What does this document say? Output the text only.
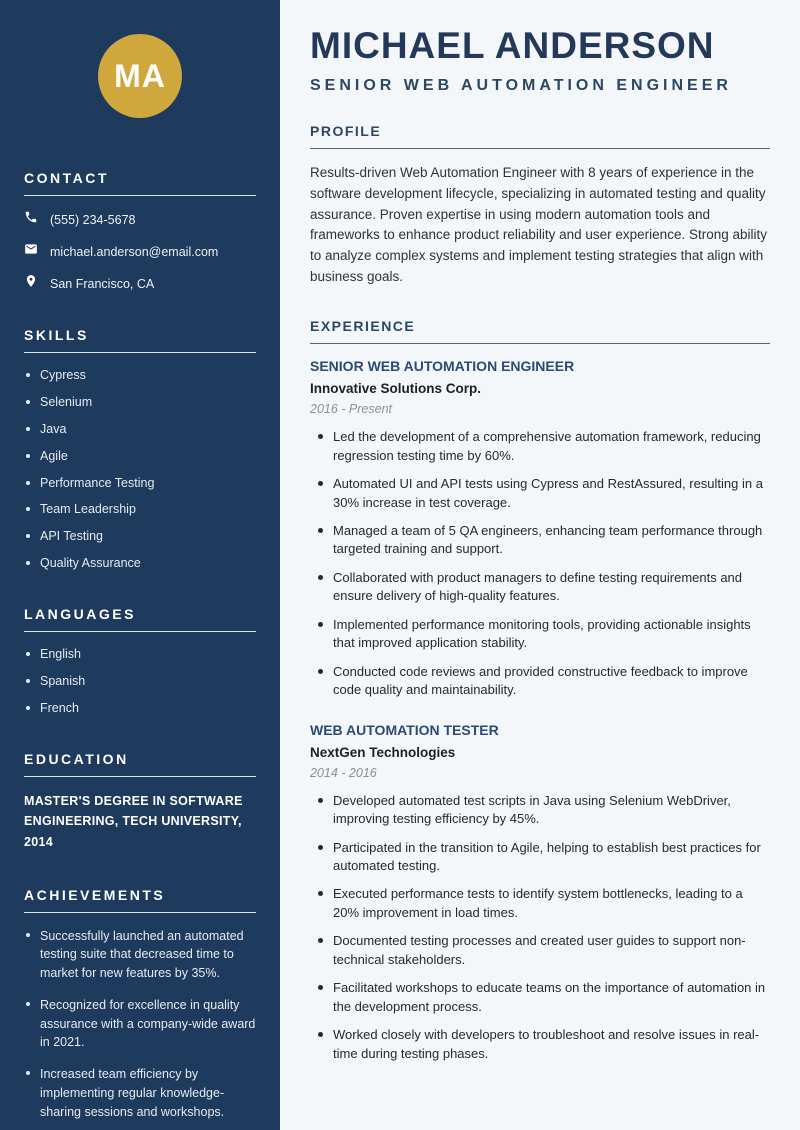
MA
CONTACT
(555) 234-5678
michael.anderson@email.com
San Francisco, CA
SKILLS
Cypress
Selenium
Java
Agile
Performance Testing
Team Leadership
API Testing
Quality Assurance
LANGUAGES
English
Spanish
French
EDUCATION
MASTER'S DEGREE IN SOFTWARE ENGINEERING, TECH UNIVERSITY, 2014
ACHIEVEMENTS
Successfully launched an automated testing suite that decreased time to market for new features by 35%.
Recognized for excellence in quality assurance with a company-wide award in 2021.
Increased team efficiency by implementing regular knowledge-sharing sessions and workshops.
MICHAEL ANDERSON
SENIOR WEB AUTOMATION ENGINEER
PROFILE

Results-driven Web Automation Engineer with 8 years of experience in the software development lifecycle, specializing in automated testing and quality assurance. Proven expertise in using modern automation tools and frameworks to enhance product reliability and user experience. Strong ability to analyze complex systems and implement testing strategies that align with business goals.

EXPERIENCE
SENIOR WEB AUTOMATION ENGINEER
Innovative Solutions Corp.
2016 - Present
Led the development of a comprehensive automation framework, reducing regression testing time by 60%.
Automated UI and API tests using Cypress and RestAssured, resulting in a 30% increase in test coverage.
Managed a team of 5 QA engineers, enhancing team performance through targeted training and support.
Collaborated with product managers to define testing requirements and ensure delivery of high-quality features.
Implemented performance monitoring tools, providing actionable insights that improved application stability.
Conducted code reviews and provided constructive feedback to improve code quality and maintainability.
WEB AUTOMATION TESTER
NextGen Technologies
2014 - 2016
Developed automated test scripts in Java using Selenium WebDriver, improving testing efficiency by 45%.
Participated in the transition to Agile, helping to establish best practices for automated testing.
Executed performance tests to identify system bottlenecks, leading to a 20% improvement in load times.
Documented testing processes and created user guides to support non-technical stakeholders.
Facilitated workshops to educate teams on the importance of automation in the development process.
Worked closely with developers to troubleshoot and resolve issues in real-time during testing phases.
